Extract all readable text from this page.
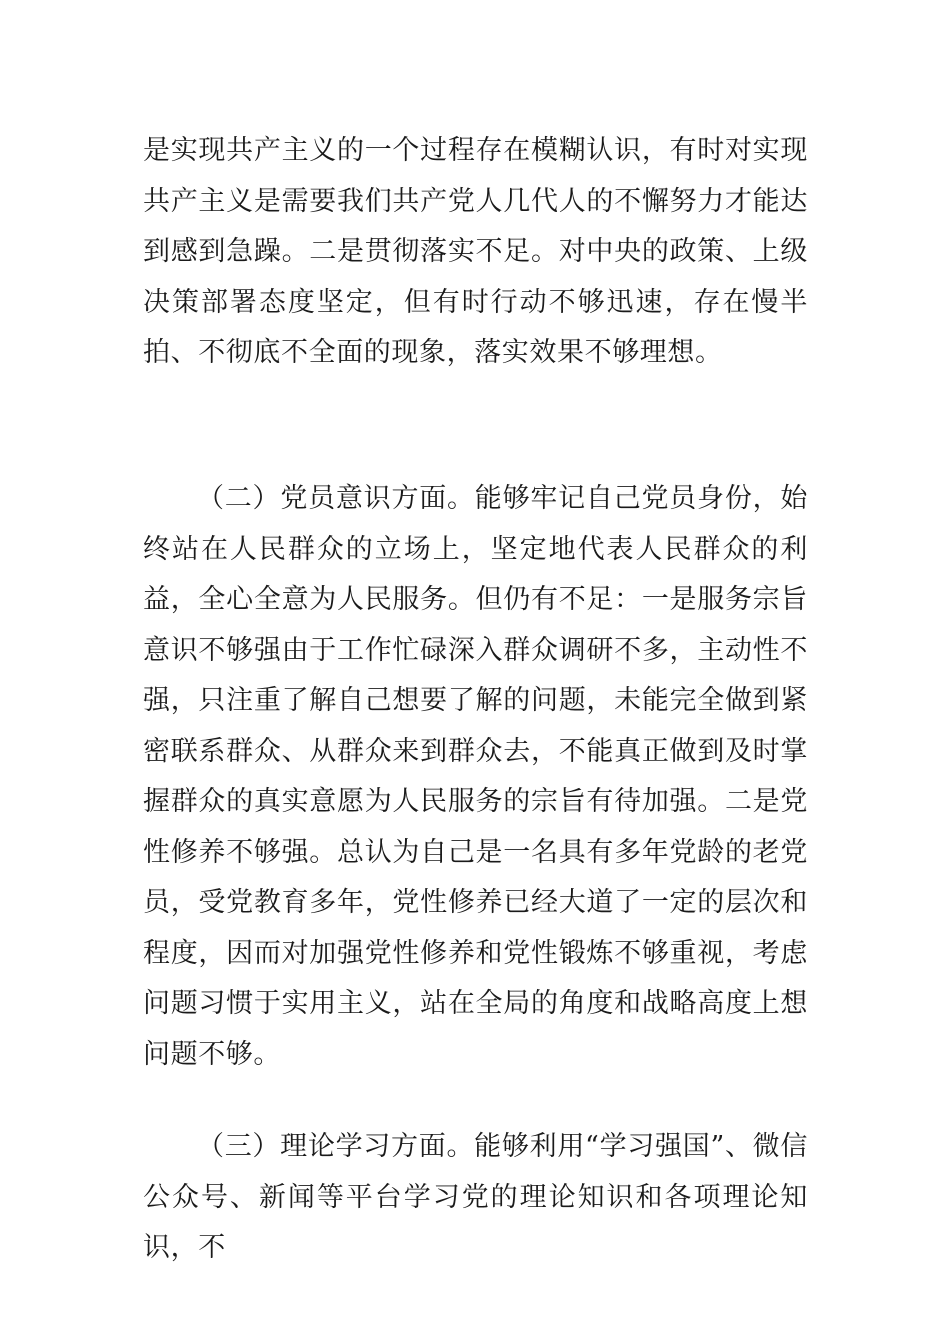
是实现共产主义的一个过程存在模糊认识，有时对实现共产主义是需要我们共产党人几代人的不懈努力才能达到感到急躁。二是贯彻落实不足。对中央的政策、上级决策部署态度坚定，但有时行动不够迅速，存在慢半拍、不彻底不全面的现象，落实效果不够理想。

（二）党员意识方面。能够牢记自己党员身份，始终站在人民群众的立场上，坚定地代表人民群众的利益，全心全意为人民服务。但仍有不足：一是服务宗旨意识不够强由于工作忙碌深入群众调研不多，主动性不强，只注重了解自己想要了解的问题，未能完全做到紧密联系群众、从群众来到群众去，不能真正做到及时掌握群众的真实意愿为人民服务的宗旨有待加强。二是党性修养不够强。总认为自己是一名具有多年党龄的老党员，受党教育多年，党性修养已经大道了一定的层次和程度，因而对加强党性修养和党性锻炼不够重视，考虑问题习惯于实用主义，站在全局的角度和战略高度上想问题不够。

（三）理论学习方面。能够利用“学习强国”、微信公众号、新闻等平台学习党的理论知识和各项理论知识，不
